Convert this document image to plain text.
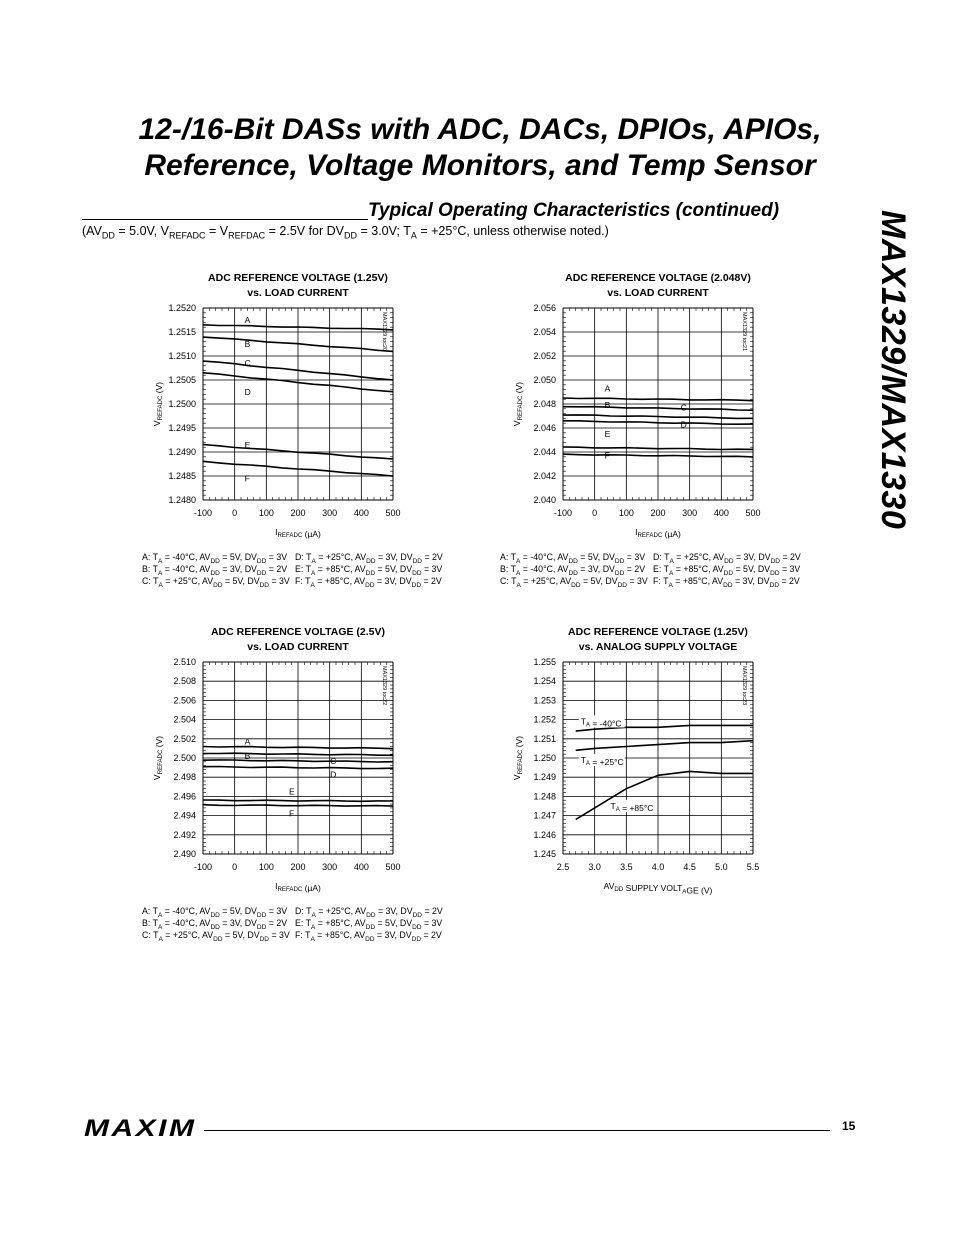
12-/16-Bit DASs with ADC, DACs, DPIOs, APIOs,
Reference, Voltage Monitors, and Temp Sensor
Typical Operating Characteristics (continued)
($AV_{DD} = 5.0V$, $V_{REFADC} = V_{REFDAC} = 2.5V$ for $DV_{DD} = 3.0V$; $T_A = +25^\circ C$, unless otherwise noted.)	MAX1329/MAX1330
ADC REFERENCE VOLTAGE (1.25V)
vs. LOAD CURRENT
-100 0 100 200 300 400 500
1.2480
1.2485
1.2490
1.2495
1.2500
1.2505
1.2510
1.2515
1.2520
A
B
C
D
E
F
MAX1329 toc20
$I_{REFADC}$ (µA)
$V_{REFADC}$ (V)
ADC REFERENCE VOLTAGE (2.048V)
vs. LOAD CURRENT
-100 0 100 200 300 400 500
2.040
2.042
2.044
2.046
2.048
2.050
2.052
2.054
2.056
A
B	C
D
E
F
MAX1329 toc21
$I_{REFADC}$ (µA)
$V_{REFADC}$ (V)
ADC REFERENCE VOLTAGE (2.5V)
vs. LOAD CURRENT
-100 0 100 200 300 400 500
2.490
2.492
2.494
2.496
2.498
2.500
2.502
2.504
2.506
2.508
2.510
A
B	C
D
E
F
MAX1329 toc22
$I_{REFADC}$ (µA)
$V_{REFADC}$ (V)
ADC REFERENCE VOLTAGE (1.25V)
vs. ANALOG SUPPLY VOLTAGE
2.5 3.0 3.5 4.0 4.5 5.0 5.5
1.245
1.246
1.247
1.248
1.249
1.250
1.251
1.252
1.253
1.254
1.255
$T_A = -40^\circ C$
$T_A = +25^\circ C$
$T_A = +85^\circ C$
MAX1329 toc23
$AV_{DD}$ SUPPLY $VOLT_AGE$ (V)
$V_{REFADC}$ (V)
A: $T_A = -40^\circ C$, $AV_{DD} = 5V$, $DV_{DD} = 3V$
B: $T_A = -40^\circ C$, $AV_{DD} = 3V$, $DV_{DD} = 2V$
C: $T_A = +25^\circ C$, $AV_{DD} = 5V$, $DV_{DD} = 3V$
D: $T_A = +25^\circ C$, $AV_{DD} = 3V$, $DV_{DD} = 2V$
E: $T_A = +85^\circ C$, $AV_{DD} = 5V$, $DV_{DD} = 3V$
F: $T_A = +85^\circ C$, $AV_{DD} = 3V$, $DV_{DD} = 2V$
A: $T_A = -40^\circ C$, $AV_{DD} = 5V$, $DV_{DD} = 3V$
B: $T_A = -40^\circ C$, $AV_{DD} = 3V$, $DV_{DD} = 2V$
C: $T_A = +25^\circ C$, $AV_{DD} = 5V$, $DV_{DD} = 3V$
D: $T_A = +25^\circ C$, $AV_{DD} = 3V$, $DV_{DD} = 2V$
E: $T_A = +85^\circ C$, $AV_{DD} = 5V$, $DV_{DD} = 3V$
F: $T_A = +85^\circ C$, $AV_{DD} = 3V$, $DV_{DD} = 2V$
A: $T_A = -40^\circ C$, $AV_{DD} = 5V$, $DV_{DD} = 3V$
B: $T_A = -40^\circ C$, $AV_{DD} = 3V$, $DV_{DD} = 2V$
C: $T_A = +25^\circ C$, $AV_{DD} = 5V$, $DV_{DD} = 3V$
D: $T_A = +25^\circ C$, $AV_{DD} = 3V$, $DV_{DD} = 2V$
E: $T_A = +85^\circ C$, $AV_{DD} = 5V$, $DV_{DD} = 3V$
F: $T_A = +85^\circ C$, $AV_{DD} = 3V$, $DV_{DD} = 2V$
MAXIM	15
